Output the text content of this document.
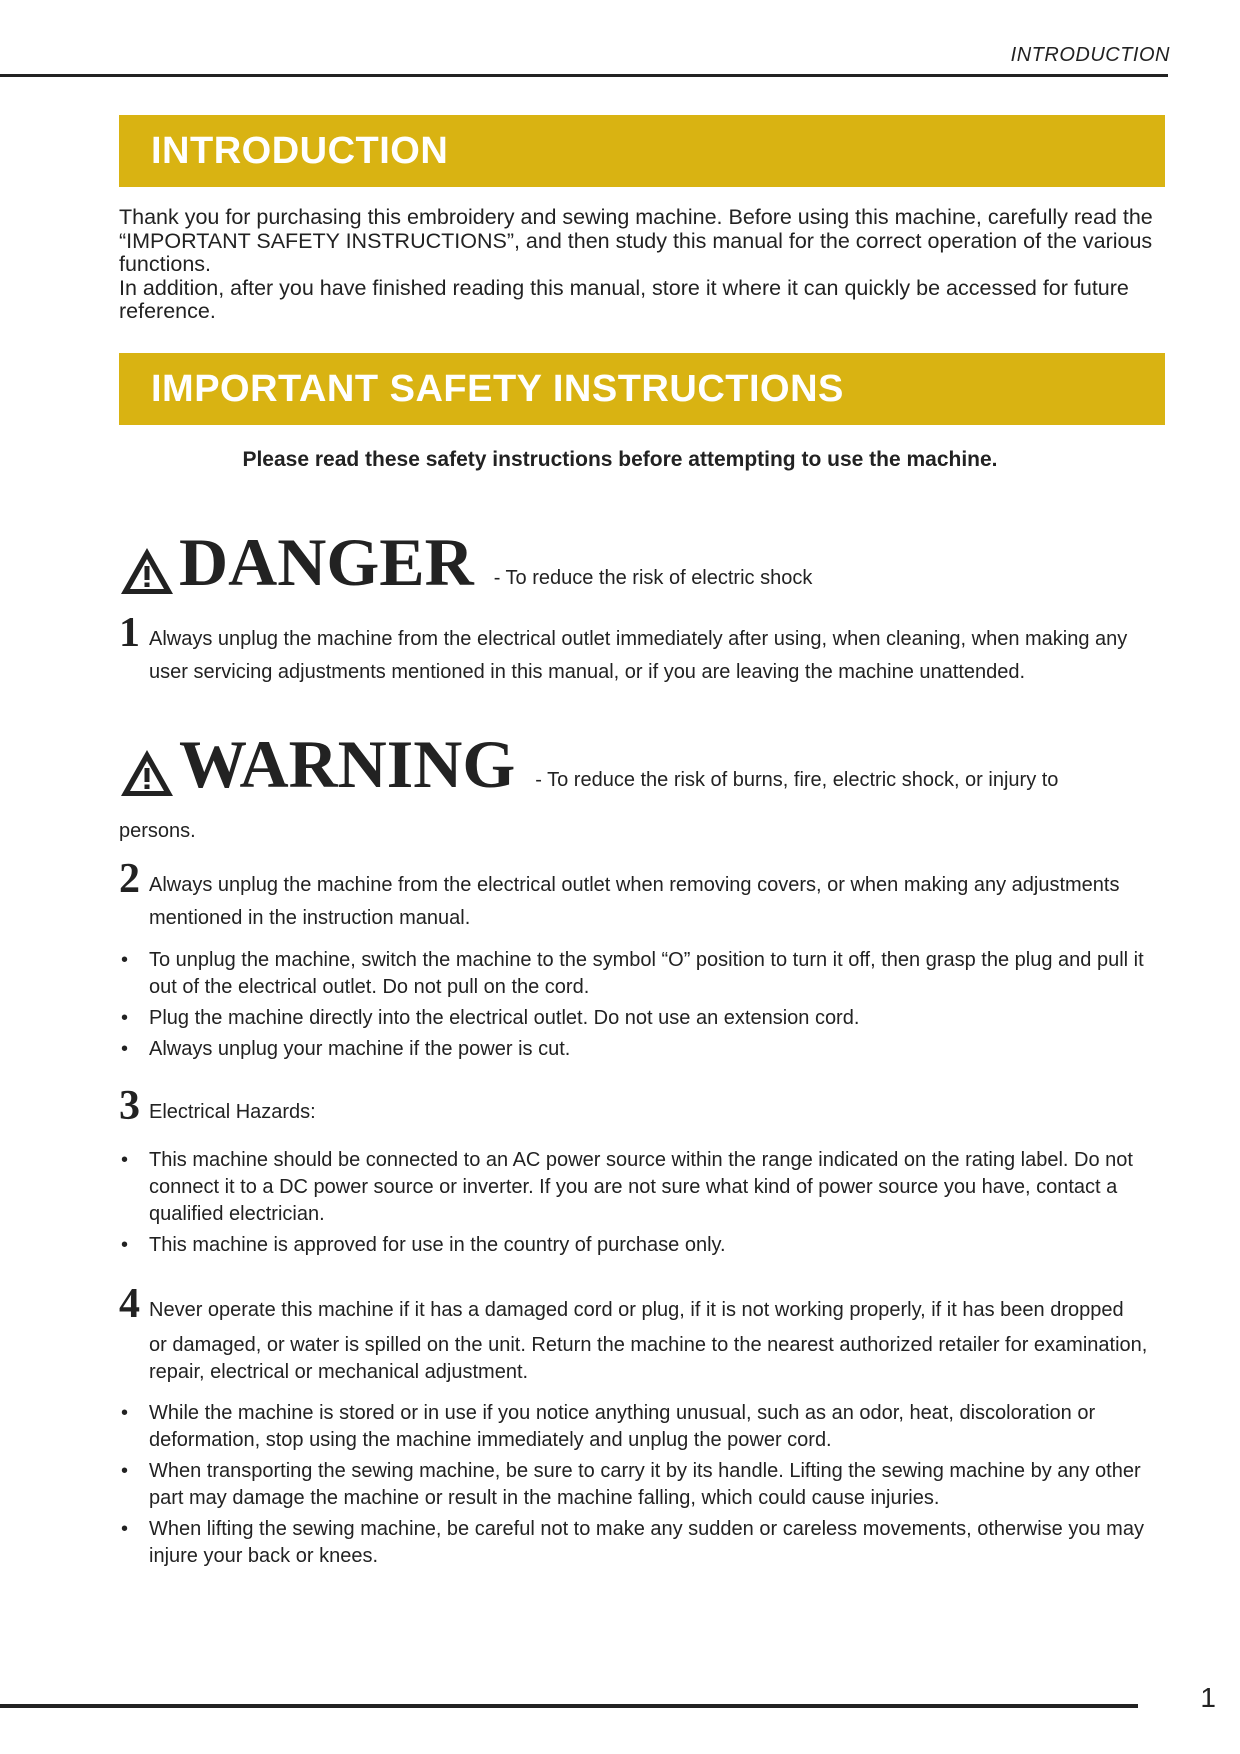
INTRODUCTION
INTRODUCTION

Thank you for purchasing this embroidery and sewing machine. Before using this machine, carefully read the “IMPORTANT SAFETY INSTRUCTIONS”, and then study this manual for the correct operation of the various functions.

In addition, after you have finished reading this manual, store it where it can quickly be accessed for future reference.

IMPORTANT SAFETY INSTRUCTIONS
Please read these safety instructions before attempting to use the machine.
DANGER - To reduce the risk of electric shock
1 Always unplug the machine from the electrical outlet immediately after using, when cleaning, when making any
user servicing adjustments mentioned in this manual, or if you are leaving the machine unattended.
WARNING - To reduce the risk of burns, fire, electric shock, or injury to
persons.
2 Always unplug the machine from the electrical outlet when removing covers, or when making any adjustments
mentioned in the instruction manual.
• To unplug the machine, switch the machine to the symbol “O” position to turn it off, then grasp the plug and pull it out of the electrical outlet. Do not pull on the cord.
• Plug the machine directly into the electrical outlet. Do not use an extension cord.
• Always unplug your machine if the power is cut.
3 Electrical Hazards:
• This machine should be connected to an AC power source within the range indicated on the rating label. Do not connect it to a DC power source or inverter. If you are not sure what kind of power source you have, contact a qualified electrician.
• This machine is approved for use in the country of purchase only.
4 Never operate this machine if it has a damaged cord or plug, if it is not working properly, if it has been dropped
or damaged, or water is spilled on the unit. Return the machine to the nearest authorized retailer for examination, repair, electrical or mechanical adjustment.
• While the machine is stored or in use if you notice anything unusual, such as an odor, heat, discoloration or deformation, stop using the machine immediately and unplug the power cord.
• When transporting the sewing machine, be sure to carry it by its handle. Lifting the sewing machine by any other part may damage the machine or result in the machine falling, which could cause injuries.
• When lifting the sewing machine, be careful not to make any sudden or careless movements, otherwise you may injure your back or knees.
1
